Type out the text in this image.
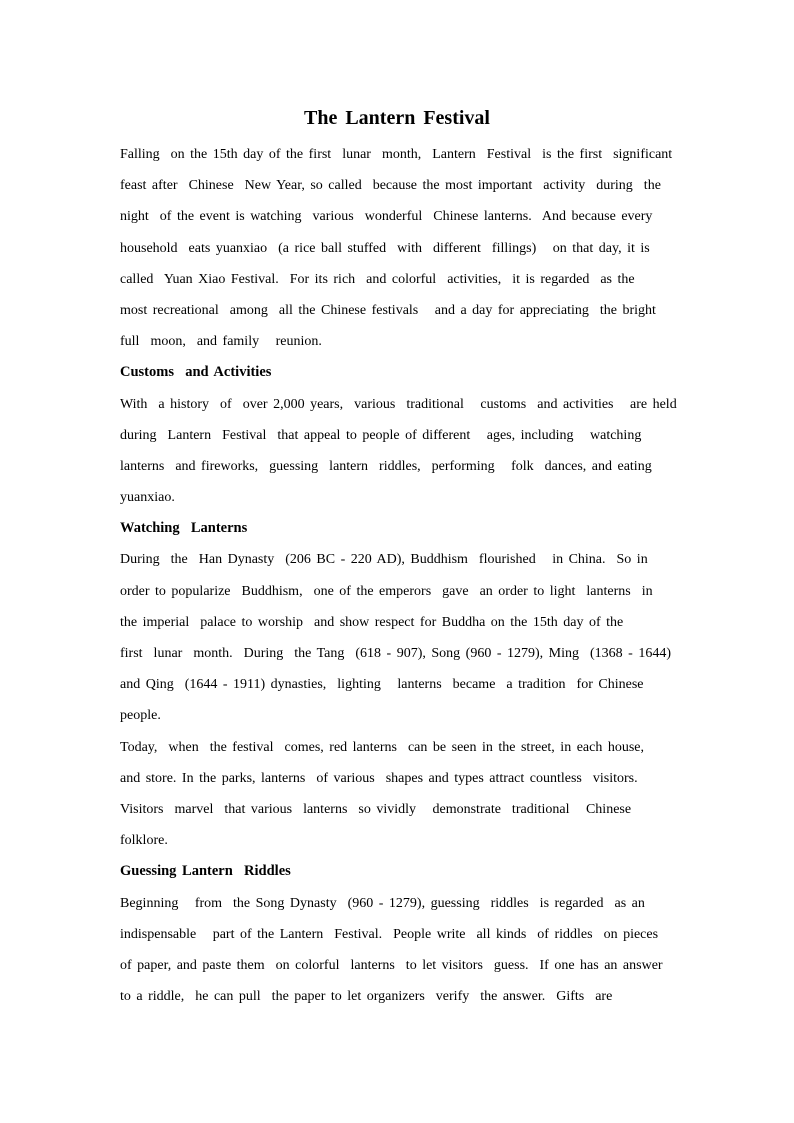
The Lantern Festival
Falling  on the 15th day of the first  lunar  month,  Lantern  Festival  is the first  significant
feast after  Chinese  New Year, so called  because the most important  activity  during  the
night  of the event is watching  various  wonderful  Chinese lanterns.  And because every
household  eats yuanxiao  (a rice ball stuffed  with  different  fillings)   on that day, it is
called  Yuan Xiao Festival.  For its rich  and colorful  activities,  it is regarded  as the
most recreational  among  all the Chinese festivals   and a day for appreciating  the bright
full  moon,  and family   reunion.
Customs  and Activities
With  a history  of  over 2,000 years,  various  traditional   customs  and activities   are held
during  Lantern  Festival  that appeal to people of different   ages, including   watching
lanterns  and fireworks,  guessing  lantern  riddles,  performing   folk  dances, and eating
yuanxiao.
Watching  Lanterns
During  the  Han Dynasty  (206 BC - 220 AD), Buddhism  flourished   in China.  So in
order to popularize  Buddhism,  one of the emperors  gave  an order to light  lanterns  in
the imperial  palace to worship  and show respect for Buddha on the 15th day of the
first  lunar  month.  During  the Tang  (618 - 907), Song (960 - 1279), Ming  (1368 - 1644)
and Qing  (1644 - 1911) dynasties,  lighting   lanterns  became  a tradition  for Chinese
people.
Today,  when  the festival  comes, red lanterns  can be seen in the street, in each house,
and store. In the parks, lanterns  of various  shapes and types attract countless  visitors.
Visitors  marvel  that various  lanterns  so vividly   demonstrate  traditional   Chinese
folklore.
Guessing Lantern  Riddles
Beginning   from  the Song Dynasty  (960 - 1279), guessing  riddles  is regarded  as an
indispensable   part of the Lantern  Festival.  People write  all kinds  of riddles  on pieces
of paper, and paste them  on colorful  lanterns  to let visitors  guess.  If one has an answer
to a riddle,  he can pull  the paper to let organizers  verify  the answer.  Gifts  are
